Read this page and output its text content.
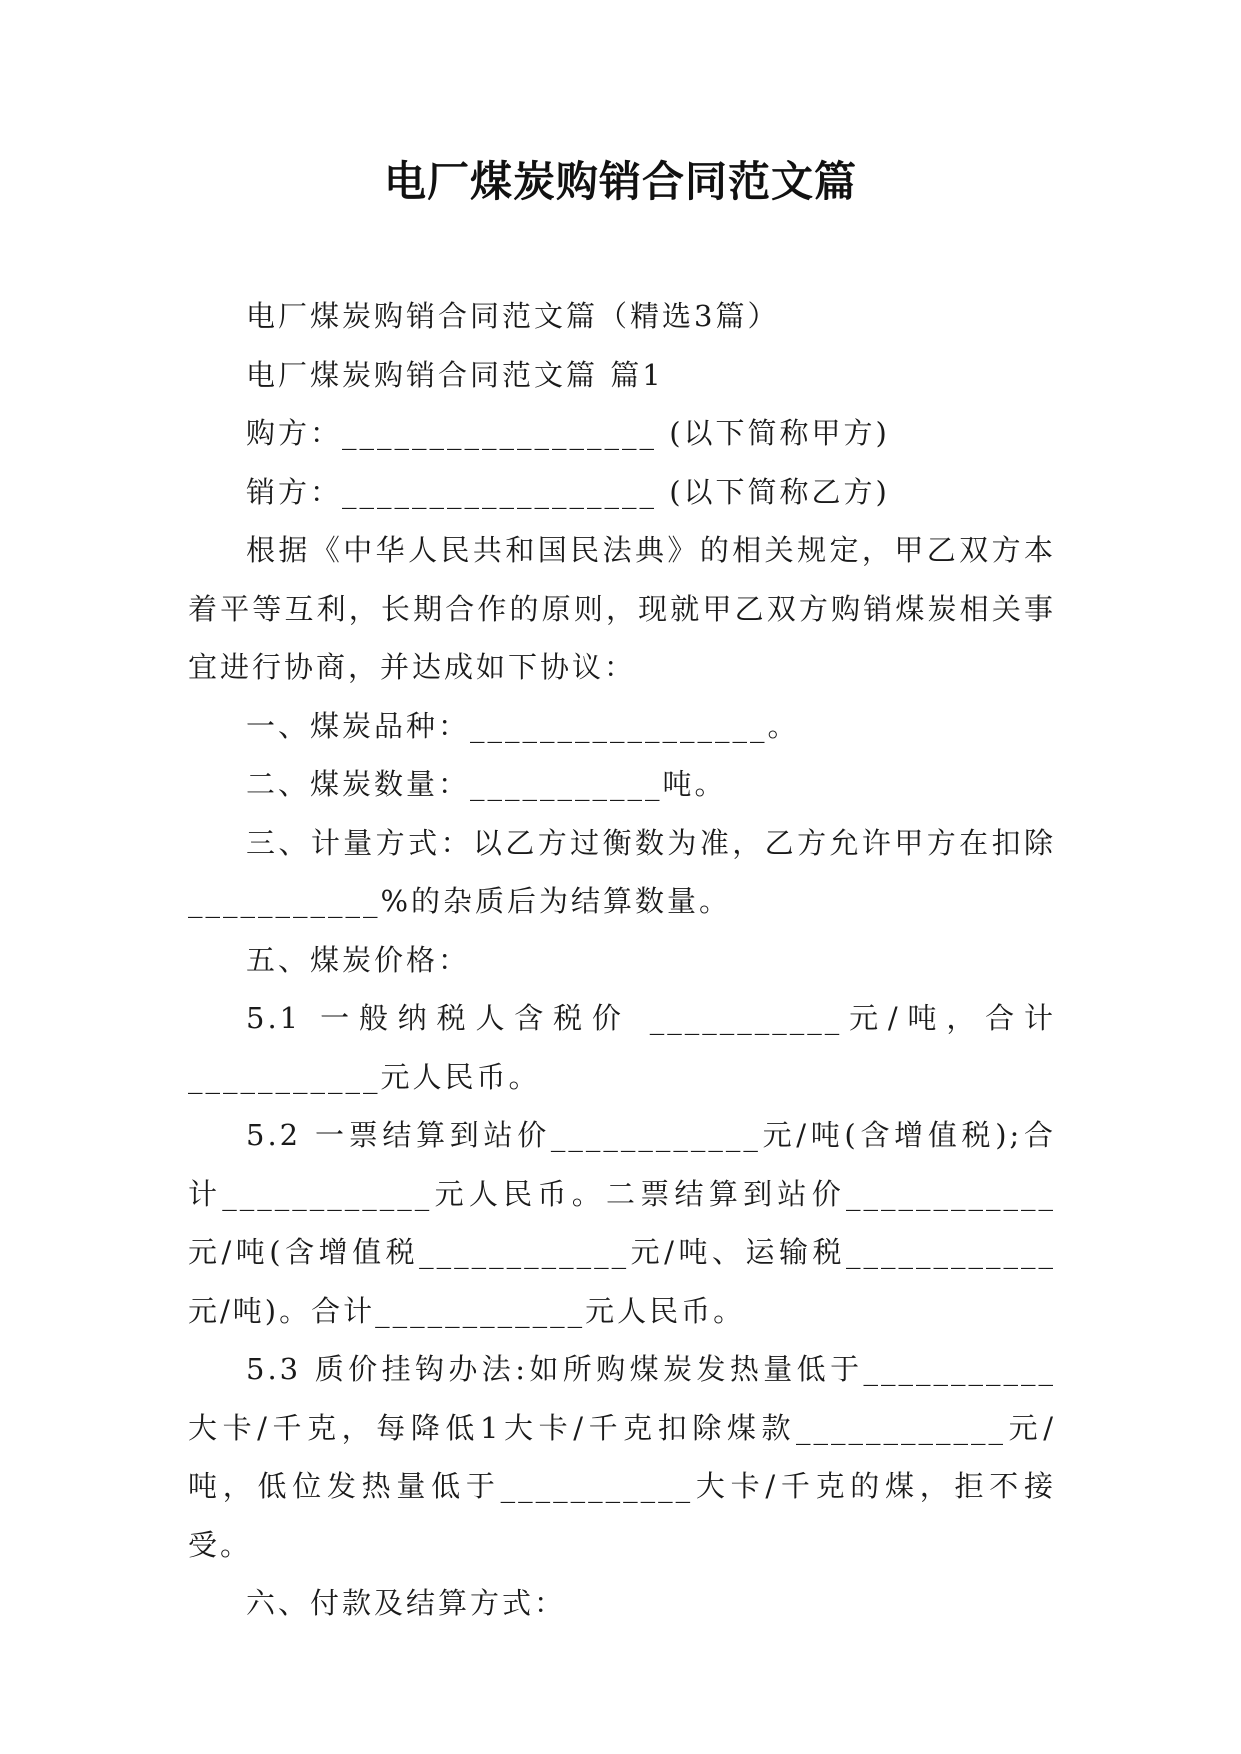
电厂煤炭购销合同范文篇

电厂煤炭购销合同范文篇（精选3篇）

电厂煤炭购销合同范文篇 篇1

购方：__________________ (以下简称甲方)

销方：__________________ (以下简称乙方)

根据《中华人民共和国民法典》的相关规定，甲乙双方本着平等互利，长期合作的原则，现就甲乙双方购销煤炭相关事宜进行协商，并达成如下协议：

一、煤炭品种：_________________。

二、煤炭数量：___________吨。

三、计量方式：以乙方过衡数为准，乙方允许甲方在扣除___________%的杂质后为结算数量。

五、煤炭价格：

5.1 一般纳税人含税价 ___________元/吨，合计___________元人民币。

5.2 一票结算到站价____________元/吨(含增值税);合计____________元人民币。二票结算到站价____________元/吨(含增值税____________元/吨、运输税____________元/吨)。合计____________元人民币。

5.3 质价挂钩办法:如所购煤炭发热量低于___________大卡/千克，每降低1大卡/千克扣除煤款____________元/吨，低位发热量低于___________大卡/千克的煤，拒不接受。

六、付款及结算方式：
